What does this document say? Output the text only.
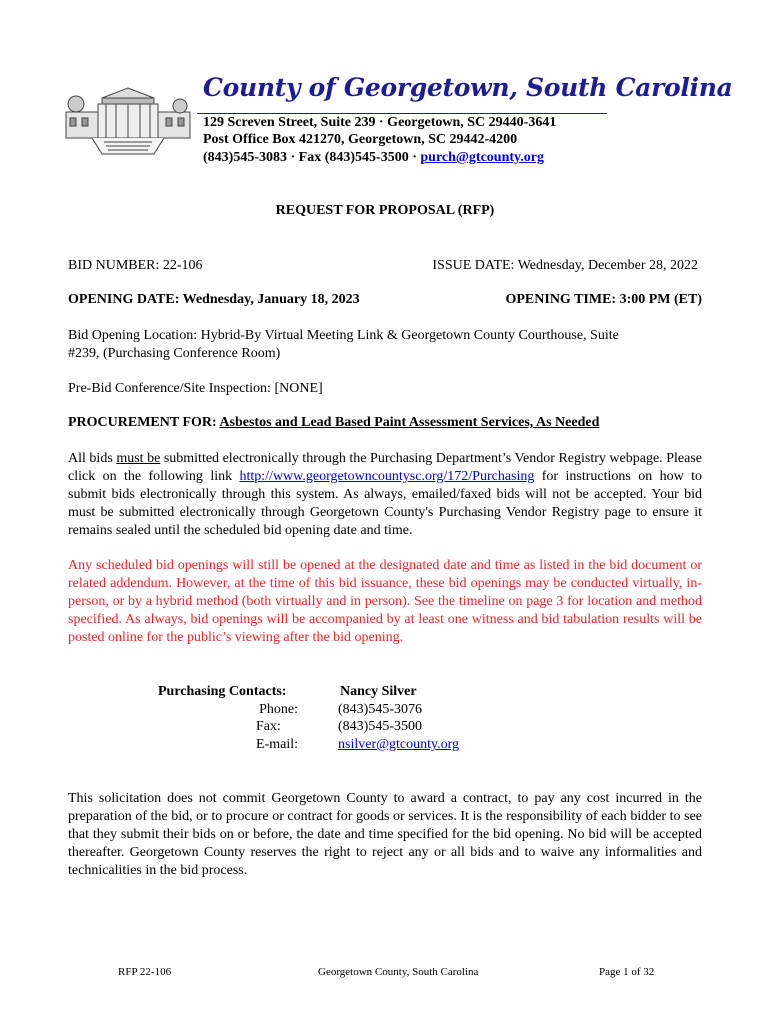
County of Georgetown, South Carolina
129 Screven Street, Suite 239 · Georgetown, SC 29440-3641
Post Office Box 421270, Georgetown, SC 29442-4200
(843)545-3083 · Fax (843)545-3500 · purch@gtcounty.org
REQUEST FOR PROPOSAL (RFP)
BID NUMBER: 22-106	ISSUE DATE: Wednesday, December 28, 2022
OPENING DATE: Wednesday, January 18, 2023	OPENING TIME: 3:00 PM (ET)
Bid Opening Location: Hybrid-By Virtual Meeting Link & Georgetown County Courthouse, Suite
#239, (Purchasing Conference Room)
Pre-Bid Conference/Site Inspection: [NONE]
PROCUREMENT FOR: Asbestos and Lead Based Paint Assessment Services, As Needed
All bids must be submitted electronically through the Purchasing Department’s Vendor Registry webpage. Please click on the following link http://www.georgetowncountysc.org/172/Purchasing for instructions on how to submit bids electronically through this system. As always, emailed/faxed bids will not be accepted. Your bid must be submitted electronically through Georgetown County's Purchasing Vendor Registry page to ensure it remains sealed until the scheduled bid opening date and time.
Any scheduled bid openings will still be opened at the designated date and time as listed in the bid document or related addendum. However, at the time of this bid issuance, these bid openings may be conducted virtually, in-person, or by a hybrid method (both virtually and in person). See the timeline on page 3 for location and method specified. As always, bid openings will be accompanied by at least one witness and bid tabulation results will be posted online for the public’s viewing after the bid opening.
Purchasing Contacts:	Nancy Silver
Phone:	(843)545-3076
Fax:	(843)545-3500
E-mail:	nsilver@gtcounty.org
This solicitation does not commit Georgetown County to award a contract, to pay any cost incurred in the preparation of the bid, or to procure or contract for goods or services. It is the responsibility of each bidder to see that they submit their bids on or before, the date and time specified for the bid opening. No bid will be accepted thereafter. Georgetown County reserves the right to reject any or all bids and to waive any informalities and technicalities in the bid process.
RFP 22-106	Georgetown County, South Carolina	Page 1 of 32
